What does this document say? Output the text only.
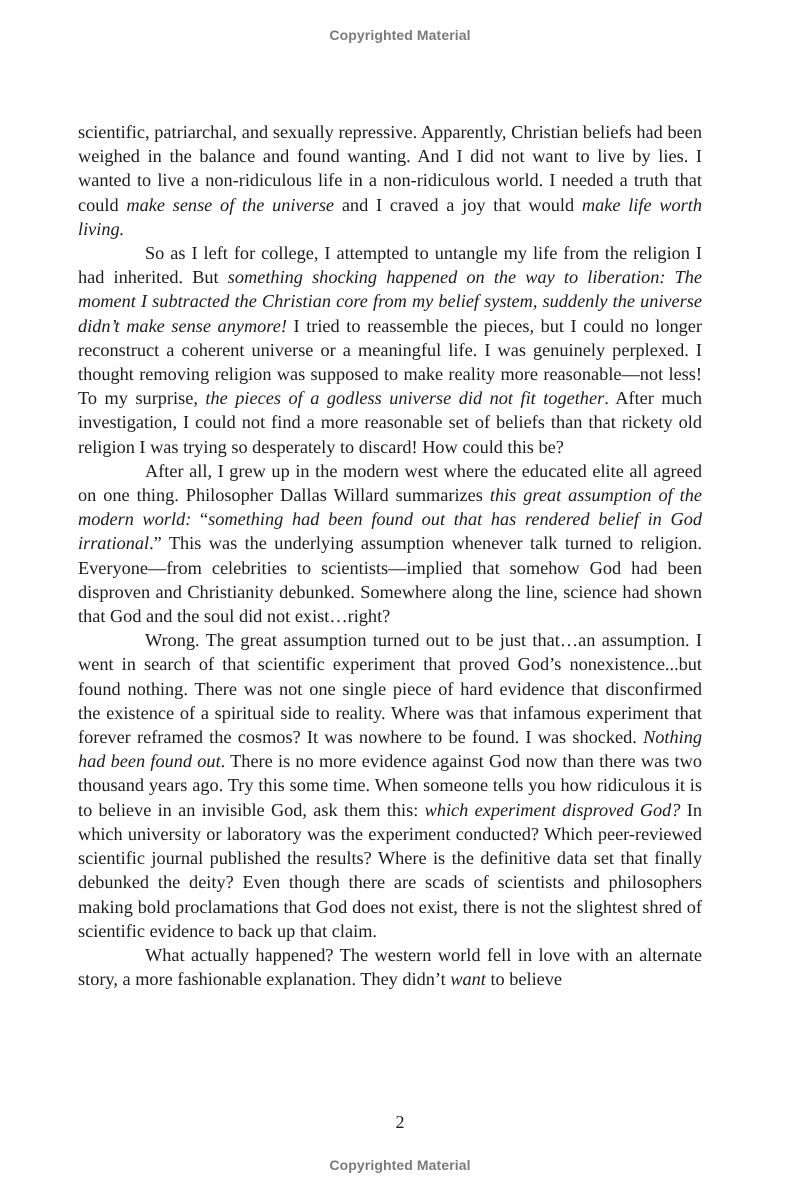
Copyrighted Material

scientific, patriarchal, and sexually repressive. Apparently, Christian beliefs had been weighed in the balance and found wanting. And I did not want to live by lies. I wanted to live a non-ridiculous life in a non-ridiculous world. I needed a truth that could make sense of the universe and I craved a joy that would make life worth living.

So as I left for college, I attempted to untangle my life from the religion I had inherited. But something shocking happened on the way to liberation: The moment I subtracted the Christian core from my belief system, suddenly the universe didn’t make sense anymore! I tried to reassemble the pieces, but I could no longer reconstruct a coherent universe or a meaningful life. I was genuinely perplexed. I thought removing religion was supposed to make reality more reasonable—not less! To my surprise, the pieces of a godless universe did not fit together. After much investigation, I could not find a more reasonable set of beliefs than that rickety old religion I was trying so desperately to discard! How could this be?

After all, I grew up in the modern west where the educated elite all agreed on one thing. Philosopher Dallas Willard summarizes this great assumption of the modern world: “something had been found out that has rendered belief in God irrational.” This was the underlying assumption whenever talk turned to religion. Everyone—from celebrities to scientists—implied that somehow God had been disproven and Christianity debunked. Somewhere along the line, science had shown that God and the soul did not exist…right?

Wrong. The great assumption turned out to be just that…an assumption. I went in search of that scientific experiment that proved God’s nonexistence...but found nothing. There was not one single piece of hard evidence that disconfirmed the existence of a spiritual side to reality. Where was that infamous experiment that forever reframed the cosmos? It was nowhere to be found. I was shocked. Nothing had been found out. There is no more evidence against God now than there was two thousand years ago. Try this some time. When someone tells you how ridiculous it is to believe in an invisible God, ask them this: which experiment disproved God? In which university or laboratory was the experiment conducted? Which peer-reviewed scientific journal published the results? Where is the definitive data set that finally debunked the deity? Even though there are scads of scientists and philosophers making bold proclamations that God does not exist, there is not the slightest shred of scientific evidence to back up that claim.

What actually happened? The western world fell in love with an alternate story, a more fashionable explanation. They didn’t want to believe

2
Copyrighted Material
